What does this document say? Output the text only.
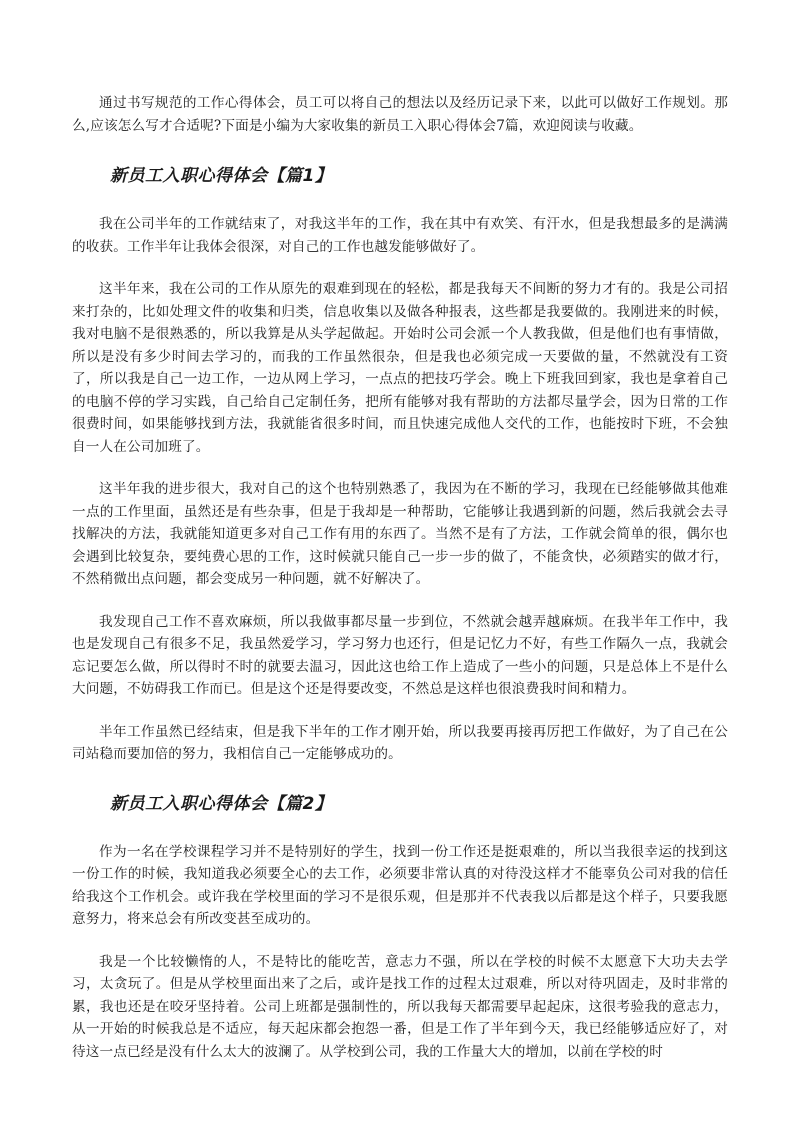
通过书写规范的工作心得体会，员工可以将自己的想法以及经历记录下来，以此可以做好工作规划。那么,应该怎么写才合适呢?下面是小编为大家收集的新员工入职心得体会7篇，欢迎阅读与收藏。

新员工入职心得体会【篇1】

我在公司半年的工作就结束了，对我这半年的工作，我在其中有欢笑、有汗水，但是我想最多的是满满的收获。工作半年让我体会很深，对自己的工作也越发能够做好了。

这半年来，我在公司的工作从原先的艰难到现在的轻松，都是我每天不间断的努力才有的。我是公司招来打杂的，比如处理文件的收集和归类，信息收集以及做各种报表，这些都是我要做的。我刚进来的时候，我对电脑不是很熟悉的，所以我算是从头学起做起。开始时公司会派一个人教我做，但是他们也有事情做，所以是没有多少时间去学习的，而我的工作虽然很杂，但是我也必须完成一天要做的量，不然就没有工资了，所以我是自己一边工作，一边从网上学习，一点点的把技巧学会。晚上下班我回到家，我也是拿着自己的电脑不停的学习实践，自己给自己定制任务，把所有能够对我有帮助的方法都尽量学会，因为日常的工作很费时间，如果能够找到方法，我就能省很多时间，而且快速完成他人交代的工作，也能按时下班，不会独自一人在公司加班了。

这半年我的进步很大，我对自己的这个也特别熟悉了，我因为在不断的学习，我现在已经能够做其他难一点的工作里面，虽然还是有些杂事，但是于我却是一种帮助，它能够让我遇到新的问题，然后我就会去寻找解决的方法，我就能知道更多对自己工作有用的东西了。当然不是有了方法，工作就会简单的很，偶尔也会遇到比较复杂，要纯费心思的工作，这时候就只能自己一步一步的做了，不能贪快，必须踏实的做才行，不然稍微出点问题，都会变成另一种问题，就不好解决了。

我发现自己工作不喜欢麻烦，所以我做事都尽量一步到位，不然就会越弄越麻烦。在我半年工作中，我也是发现自己有很多不足，我虽然爱学习，学习努力也还行，但是记忆力不好，有些工作隔久一点，我就会忘记要怎么做，所以得时不时的就要去温习，因此这也给工作上造成了一些小的问题，只是总体上不是什么大问题，不妨碍我工作而已。但是这个还是得要改变，不然总是这样也很浪费我时间和精力。

半年工作虽然已经结束，但是我下半年的工作才刚开始，所以我要再接再厉把工作做好，为了自己在公司站稳而要加倍的努力，我相信自己一定能够成功的。

新员工入职心得体会【篇2】

作为一名在学校课程学习并不是特别好的学生，找到一份工作还是挺艰难的，所以当我很幸运的找到这一份工作的时候，我知道我必须要全心的去工作，必须要非常认真的对待没这样才不能辜负公司对我的信任给我这个工作机会。或许我在学校里面的学习不是很乐观，但是那并不代表我以后都是这个样子，只要我愿意努力，将来总会有所改变甚至成功的。

我是一个比较懒惰的人，不是特比的能吃苦，意志力不强，所以在学校的时候不太愿意下大功夫去学习，太贪玩了。但是从学校里面出来了之后，或许是找工作的过程太过艰难，所以对待巩固走，及时非常的累，我也还是在咬牙坚持着。公司上班都是强制性的，所以我每天都需要早起起床，这很考验我的意志力，从一开始的时候我总是不适应，每天起床都会抱怨一番，但是工作了半年到今天，我已经能够适应好了，对待这一点已经是没有什么太大的波澜了。从学校到公司，我的工作量大大的增加，以前在学校的时
